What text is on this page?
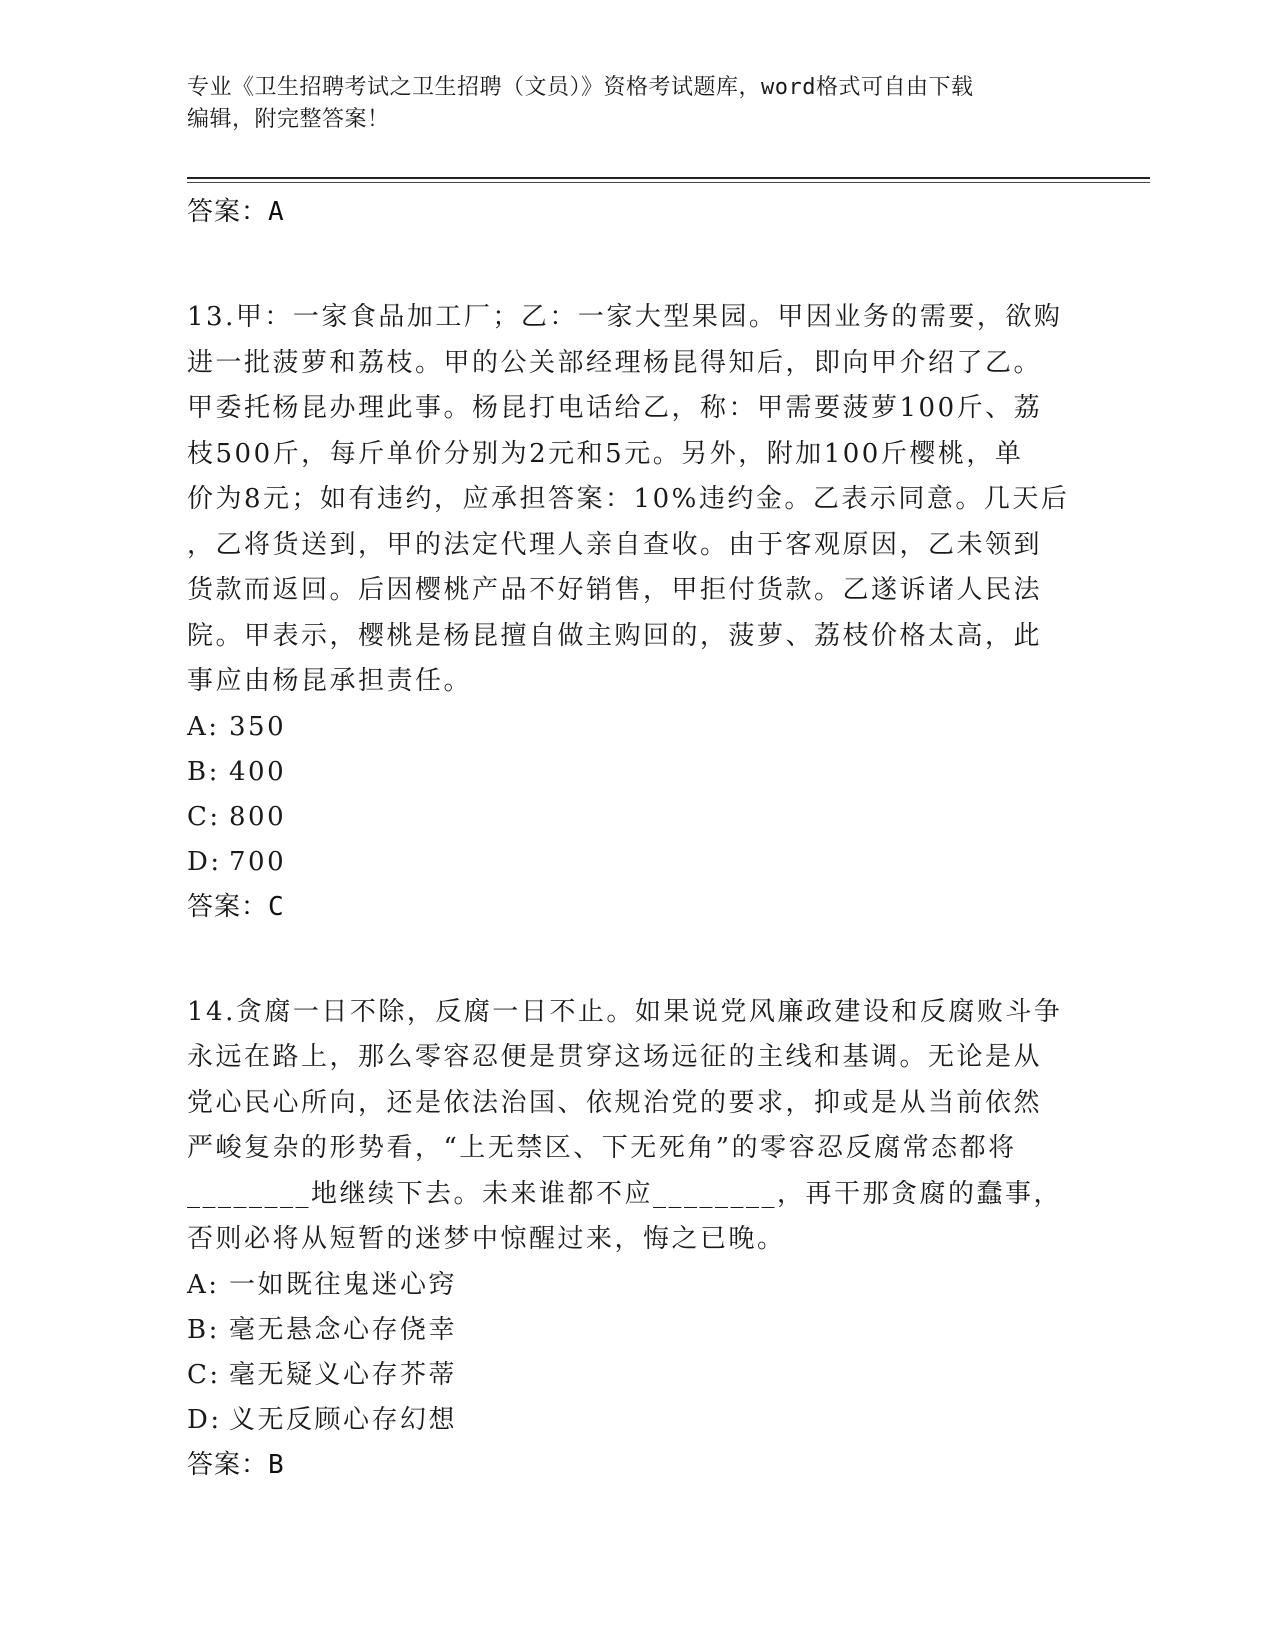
专业《卫生招聘考试之卫生招聘（文员）》资格考试题库，word格式可自由下载
编辑，附完整答案！
答案：A

13.甲：一家食品加工厂；乙：一家大型果园。甲因业务的需要，欲购

进一批菠萝和荔枝。甲的公关部经理杨昆得知后，即向甲介绍了乙。

甲委托杨昆办理此事。杨昆打电话给乙，称：甲需要菠萝100斤、荔

枝500斤，每斤单价分别为2元和5元。另外，附加100斤樱桃，单

价为8元；如有违约，应承担答案：10%违约金。乙表示同意。几天后

，乙将货送到，甲的法定代理人亲自查收。由于客观原因，乙未领到

货款而返回。后因樱桃产品不好销售，甲拒付货款。乙遂诉诸人民法

院。甲表示，樱桃是杨昆擅自做主购回的，菠萝、荔枝价格太高，此

事应由杨昆承担责任。

A: 350
B: 400
C: 800
D: 700
答案：C

14.贪腐一日不除，反腐一日不止。如果说党风廉政建设和反腐败斗争

永远在路上，那么零容忍便是贯穿这场远征的主线和基调。无论是从

党心民心所向，还是依法治国、依规治党的要求，抑或是从当前依然

严峻复杂的形势看，“上无禁区、下无死角”的零容忍反腐常态都将

________地继续下去。未来谁都不应________，再干那贪腐的蠢事，

否则必将从短暂的迷梦中惊醒过来，悔之已晚。

A: 一如既往鬼迷心窍
B: 毫无悬念心存侥幸
C: 毫无疑义心存芥蒂
D: 义无反顾心存幻想
答案：B
